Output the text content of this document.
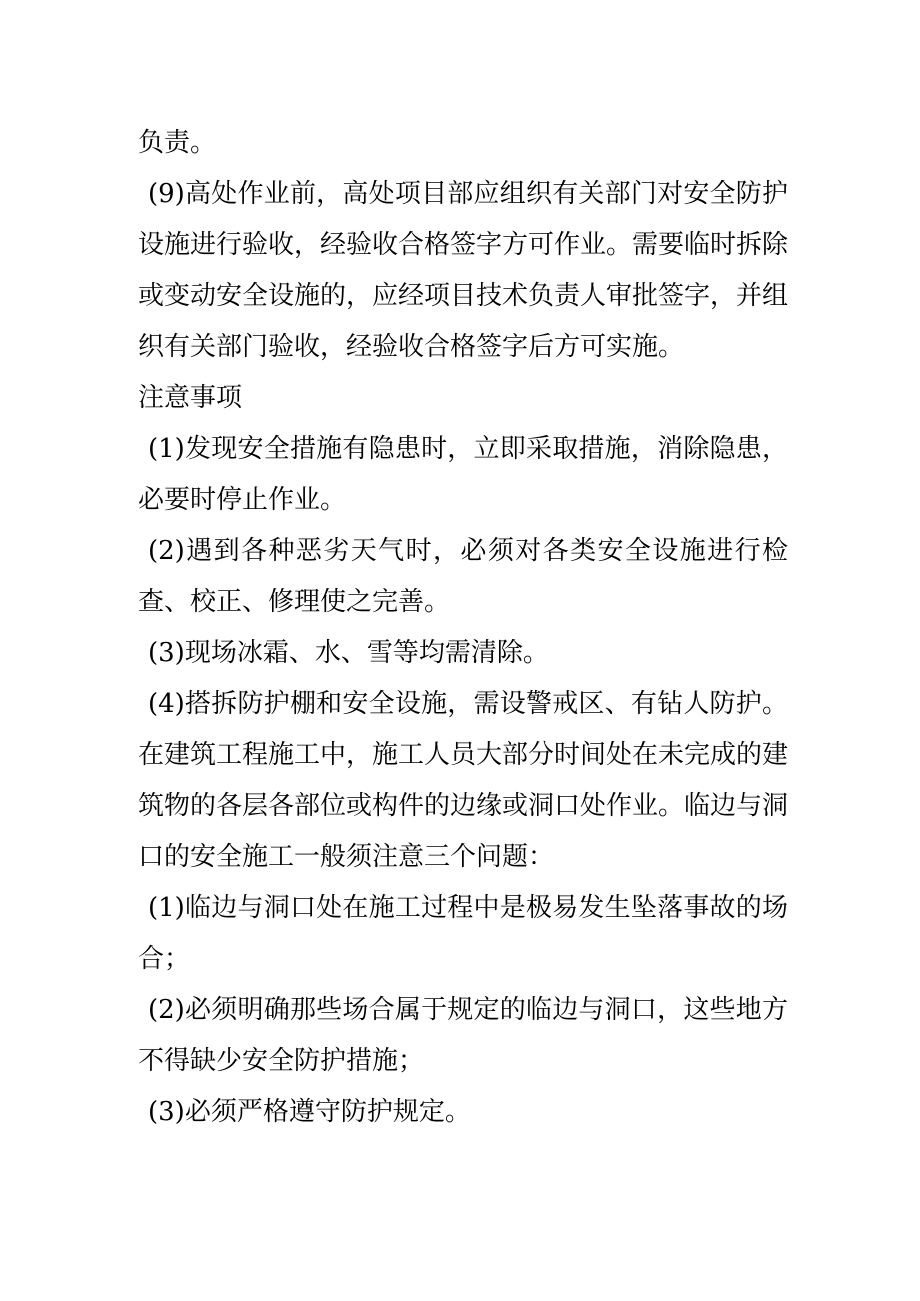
负责。

(9)高处作业前，高处项目部应组织有关部门对安全防护设施进行验收，经验收合格签字方可作业。需要临时拆除或变动安全设施的，应经项目技术负责人审批签字，并组织有关部门验收，经验收合格签字后方可实施。

注意事项

(1)发现安全措施有隐患时，立即采取措施，消除隐患，必要时停止作业。

(2)遇到各种恶劣天气时，必须对各类安全设施进行检查、校正、修理使之完善。

(3)现场冰霜、水、雪等均需清除。

(4)搭拆防护棚和安全设施，需设警戒区、有钻人防护。在建筑工程施工中，施工人员大部分时间处在未完成的建筑物的各层各部位或构件的边缘或洞口处作业。临边与洞口的安全施工一般须注意三个问题：

(1)临边与洞口处在施工过程中是极易发生坠落事故的场合；

(2)必须明确那些场合属于规定的临边与洞口，这些地方不得缺少安全防护措施；

(3)必须严格遵守防护规定。
